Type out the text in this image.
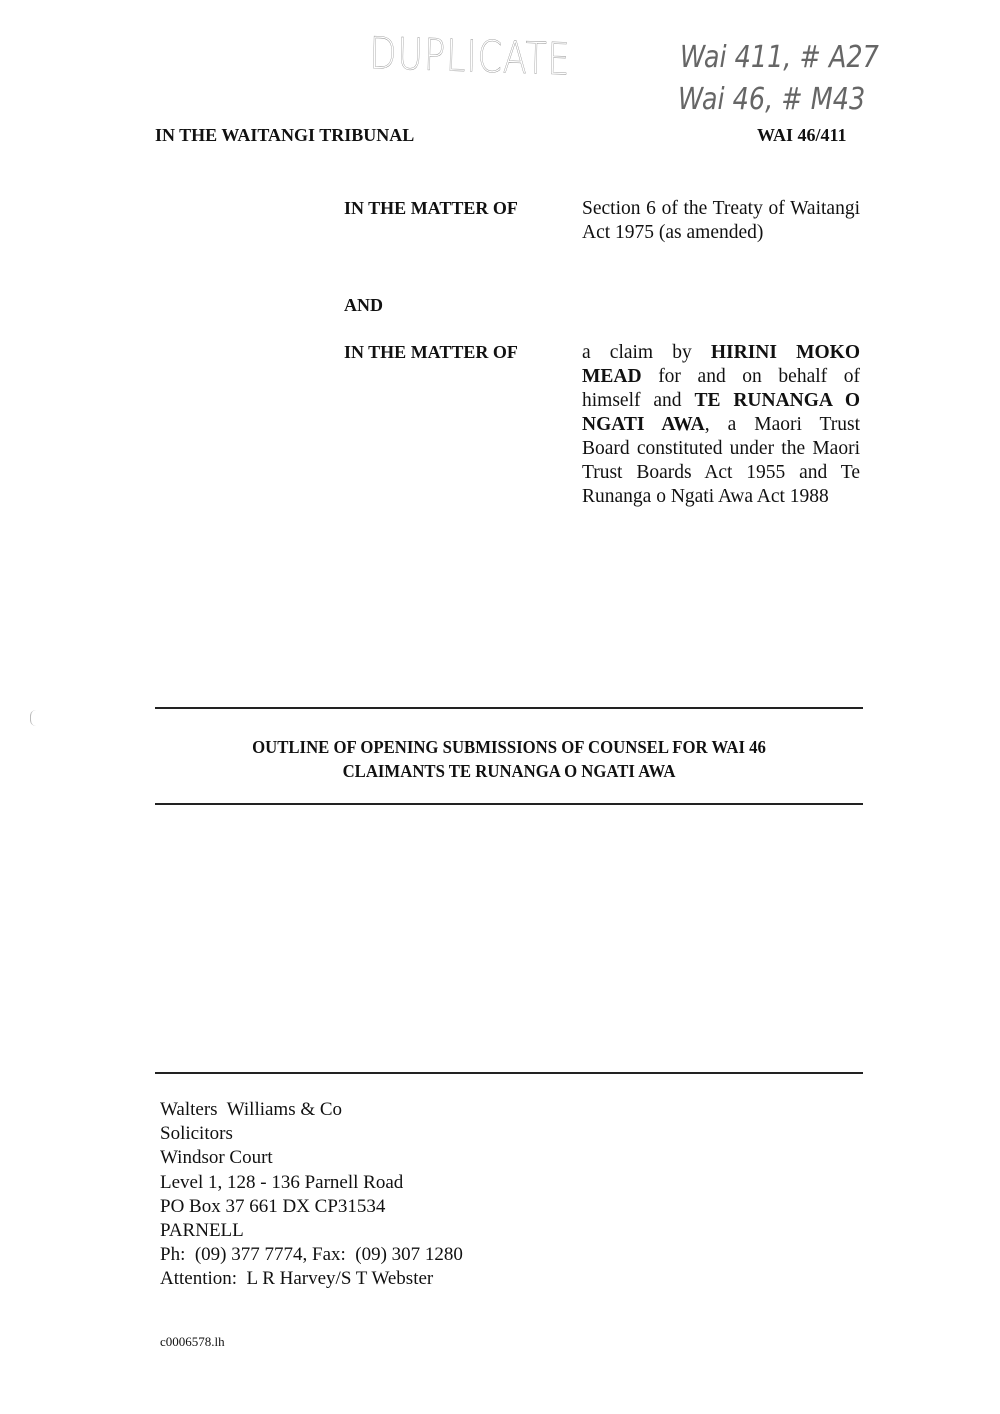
DUPLICATE	Wai 411, # A27
Wai 46, # M43
IN THE WAITANGI TRIBUNAL	WAI 46/411
IN THE MATTER OF	Section 6 of the Treaty of Waitangi Act 1975 (as amended)
AND
IN THE MATTER OF	a claim by HIRINI MOKO MEAD for and on behalf of himself and TE RUNANGA O NGATI AWA, a Maori Trust Board constituted under the Maori Trust Boards Act 1955 and Te Runanga o Ngati Awa Act 1988
OUTLINE OF OPENING SUBMISSIONS OF COUNSEL FOR WAI 46
CLAIMANTS TE RUNANGA O NGATI AWA
Walters  Williams & Co
Solicitors
Windsor Court
Level 1, 128 - 136 Parnell Road
PO Box 37 661 DX CP31534
PARNELL
Ph:  (09) 377 7774, Fax:  (09) 307 1280
Attention:  L R Harvey/S T Webster
c0006578.lh
